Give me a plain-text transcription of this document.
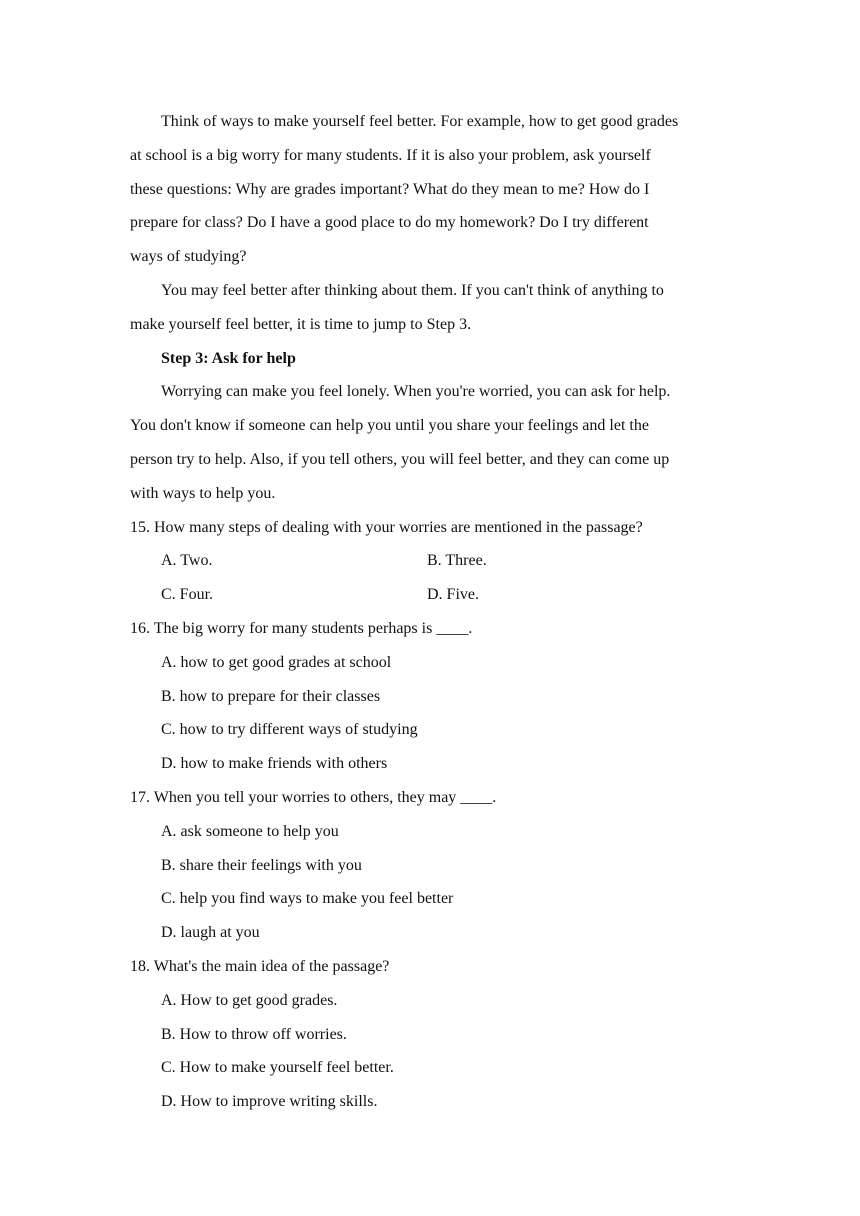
Think of ways to make yourself feel better. For example, how to get good grades
at school is a big worry for many students. If it is also your problem, ask yourself
these questions: Why are grades important? What do they mean to me? How do I
prepare for class? Do I have a good place to do my homework? Do I try different
ways of studying?
You may feel better after thinking about them. If you can't think of anything to
make yourself feel better, it is time to jump to Step 3.
Step 3: Ask for help
Worrying can make you feel lonely. When you're worried, you can ask for help.
You don't know if someone can help you until you share your feelings and let the
person try to help. Also, if you tell others, you will feel better, and they can come up
with ways to help you.
15. How many steps of dealing with your worries are mentioned in the passage?
A. Two.	B. Three.
C. Four.	D. Five.
16. The big worry for many students perhaps is ____.
A. how to get good grades at school
B. how to prepare for their classes
C. how to try different ways of studying
D. how to make friends with others
17. When you tell your worries to others, they may ____.
A. ask someone to help you
B. share their feelings with you
C. help you find ways to make you feel better
D. laugh at you
18. What's the main idea of the passage?
A. How to get good grades.
B. How to throw off worries.
C. How to make yourself feel better.
D. How to improve writing skills.
